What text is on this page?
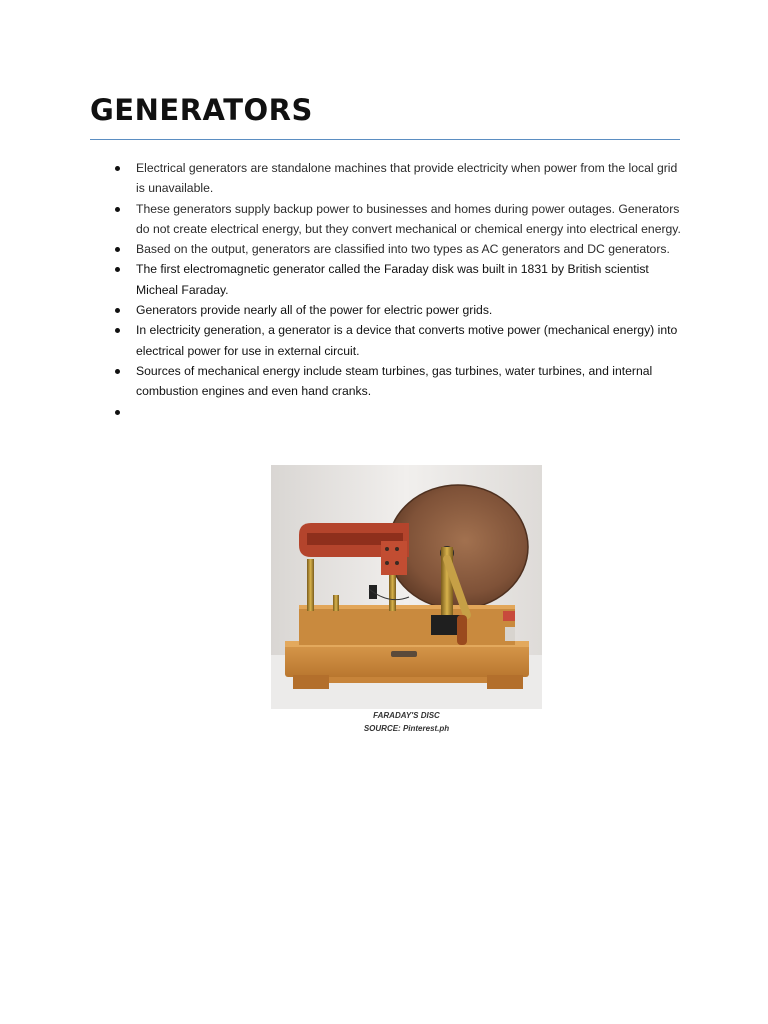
GENERATORS
Electrical generators are standalone machines that provide electricity when power from the local grid is unavailable.
These generators supply backup power to businesses and homes during power outages. Generators do not create electrical energy, but they convert mechanical or chemical energy into electrical energy.
Based on the output, generators are classified into two types as AC generators and DC generators.
The first electromagnetic generator called the Faraday disk was built in 1831 by British scientist Micheal Faraday.
Generators provide nearly all of the power for electric power grids.
In electricity generation, a generator is a device that converts motive power (mechanical energy) into electrical power for use in external circuit.
Sources of mechanical energy include steam turbines, gas turbines, water turbines, and internal combustion engines and even hand cranks.
FARADAY'S DISC
SOURCE: Pinterest.ph
